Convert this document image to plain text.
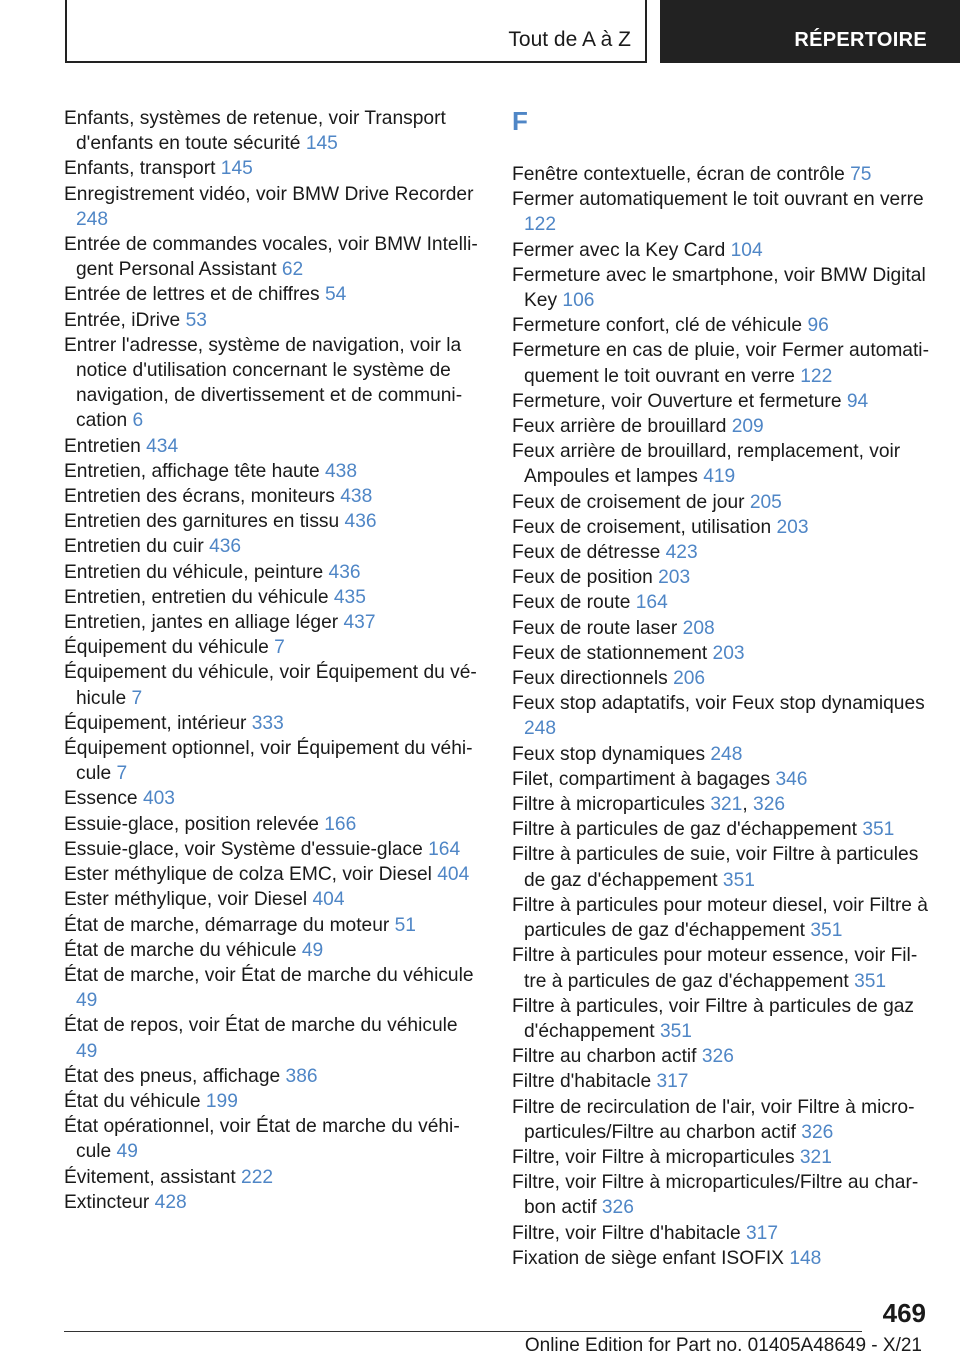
Tout de A à Z	RÉPERTOIRE
Enfants, systèmes de retenue, voir Transport d'enfants en toute sécurité 145
Enfants, transport 145
Enregistrement vidéo, voir BMW Drive Recorder 248
Entrée de commandes vocales, voir BMW Intelligent Personal Assistant 62
Entrée de lettres et de chiffres 54
Entrée, iDrive 53
Entrer l'adresse, système de navigation, voir la notice d'utilisation concernant le système de navigation, de divertissement et de communication 6
Entretien 434
Entretien, affichage tête haute 438
Entretien des écrans, moniteurs 438
Entretien des garnitures en tissu 436
Entretien du cuir 436
Entretien du véhicule, peinture 436
Entretien, entretien du véhicule 435
Entretien, jantes en alliage léger 437
Équipement du véhicule 7
Équipement du véhicule, voir Équipement du véhicule 7
Équipement, intérieur 333
Équipement optionnel, voir Équipement du véhicule 7
Essence 403
Essuie-glace, position relevée 166
Essuie-glace, voir Système d'essuie-glace 164
Ester méthylique de colza EMC, voir Diesel 404
Ester méthylique, voir Diesel 404
État de marche, démarrage du moteur 51
État de marche du véhicule 49
État de marche, voir État de marche du véhicule 49
État de repos, voir État de marche du véhicule 49
État des pneus, affichage 386
État du véhicule 199
État opérationnel, voir État de marche du véhicule 49
Évitement, assistant 222
Extincteur 428
F
Fenêtre contextuelle, écran de contrôle 75
Fermer automatiquement le toit ouvrant en verre 122
Fermer avec la Key Card 104
Fermeture avec le smartphone, voir BMW Digital Key 106
Fermeture confort, clé de véhicule 96
Fermeture en cas de pluie, voir Fermer automatiquement le toit ouvrant en verre 122
Fermeture, voir Ouverture et fermeture 94
Feux arrière de brouillard 209
Feux arrière de brouillard, remplacement, voir Ampoules et lampes 419
Feux de croisement de jour 205
Feux de croisement, utilisation 203
Feux de détresse 423
Feux de position 203
Feux de route 164
Feux de route laser 208
Feux de stationnement 203
Feux directionnels 206
Feux stop adaptatifs, voir Feux stop dynamiques 248
Feux stop dynamiques 248
Filet, compartiment à bagages 346
Filtre à microparticules 321, 326
Filtre à particules de gaz d'échappement 351
Filtre à particules de suie, voir Filtre à particules de gaz d'échappement 351
Filtre à particules pour moteur diesel, voir Filtre à particules de gaz d'échappement 351
Filtre à particules pour moteur essence, voir Filtre à particules de gaz d'échappement 351
Filtre à particules, voir Filtre à particules de gaz d'échappement 351
Filtre au charbon actif 326
Filtre d'habitacle 317
Filtre de recirculation de l'air, voir Filtre à microparticules/Filtre au charbon actif 326
Filtre, voir Filtre à microparticules 321
Filtre, voir Filtre à microparticules/Filtre au charbon actif 326
Filtre, voir Filtre d'habitacle 317
Fixation de siège enfant ISOFIX 148
469
Online Edition for Part no. 01405A48649 - X/21
